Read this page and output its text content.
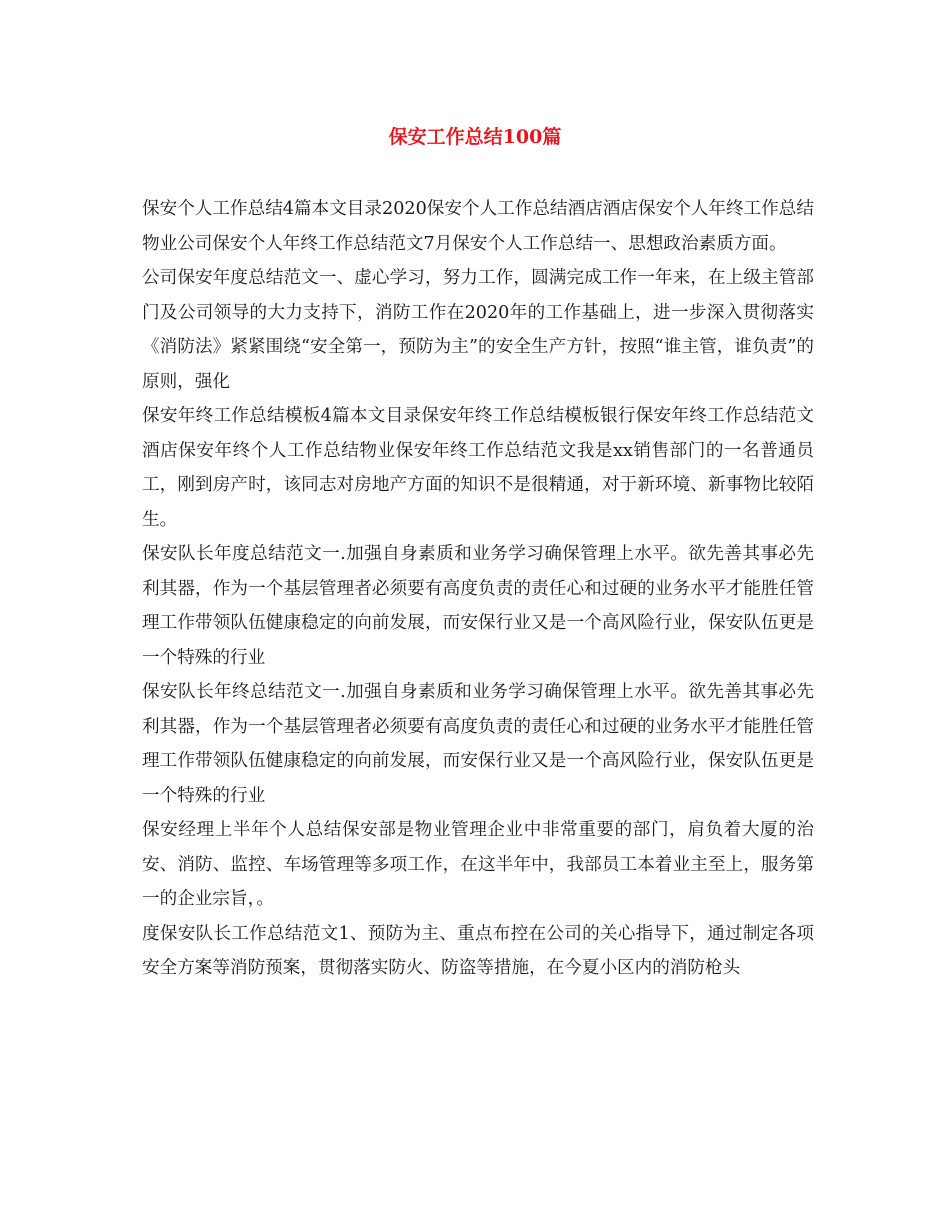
保安工作总结100篇

保安个人工作总结4篇本文目录2020保安个人工作总结酒店酒店保安个人年终工作总结物业公司保安个人年终工作总结范文7月保安个人工作总结一、思想政治素质方面。

公司保安年度总结范文一、虚心学习，努力工作，圆满完成工作一年来，在上级主管部门及公司领导的大力支持下，消防工作在2020年的工作基础上，进一步深入贯彻落实《消防法》紧紧围绕“安全第一，预防为主”的安全生产方针，按照“谁主管，谁负责”的原则，强化

保安年终工作总结模板4篇本文目录保安年终工作总结模板银行保安年终工作总结范文酒店保安年终个人工作总结物业保安年终工作总结范文我是xx销售部门的一名普通员工，刚到房产时，该同志对房地产方面的知识不是很精通，对于新环境、新事物比较陌生。

保安队长年度总结范文一.加强自身素质和业务学习确保管理上水平。欲先善其事必先利其器，作为一个基层管理者必须要有高度负责的责任心和过硬的业务水平才能胜任管理工作带领队伍健康稳定的向前发展，而安保行业又是一个高风险行业，保安队伍更是一个特殊的行业

保安队长年终总结范文一.加强自身素质和业务学习确保管理上水平。欲先善其事必先利其器，作为一个基层管理者必须要有高度负责的责任心和过硬的业务水平才能胜任管理工作带领队伍健康稳定的向前发展，而安保行业又是一个高风险行业，保安队伍更是一个特殊的行业

保安经理上半年个人总结保安部是物业管理企业中非常重要的部门，肩负着大厦的治安、消防、监控、车场管理等多项工作，在这半年中，我部员工本着业主至上，服务第一的企业宗旨，。

度保安队长工作总结范文1、预防为主、重点布控在公司的关心指导下，通过制定各项安全方案等消防预案，贯彻落实防火、防盗等措施，在今夏小区内的消防枪头
